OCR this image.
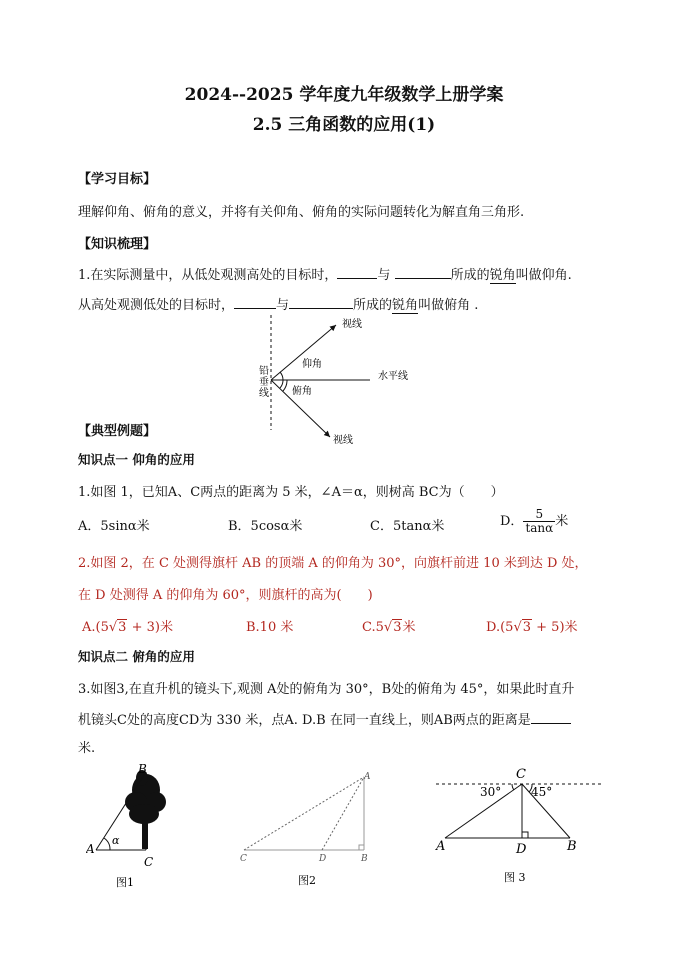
2024--2025 学年度九年级数学上册学案
2.5 三角函数的应用(1)
【学习目标】
理解仰角、俯角的意义，并将有关仰角、俯角的实际问题转化为解直角三角形.
【知识梳理】
1.在实际测量中，从低处观测高处的目标时，	与	所成的锐角叫做仰角.
从高处观测低处的目标时，	与	所成的锐角叫做俯角 .
视线
仰角
水平线
铅
垂
线 俯角
视线
【典型例题】
知识点一 仰角的应用
1.如图 1，已知A、C两点的距离为 5 米，∠A＝α，则树高 BC为（　　）
A．5sinα米	B．5cosα米	C．5tanα米	D． $\frac{5}{\tan\alpha}$ 米
2.如图 2，在 C 处测得旗杆 AB 的顶端 A 的仰角为 30°，向旗杆前进 10 米到达 D 处，
在 D 处测得 A 的仰角为 60°，则旗杆的高为(　　)
A.(5√3 + 3)米	B.10 米	C.5√3米	D.(5√3 + 5)米
知识点二 俯角的应用
3.如图3,在直升机的镜头下,观测 A处的俯角为 30°，B处的俯角为 45°，如果此时直升
机镜头C处的高度CD为 330 米，点A. D.B 在同一直线上，则AB两点的距离是
米.
B
A
C
α
图1
A
C	D	B
图2
C
30° 45°
A	D	B
图 3
